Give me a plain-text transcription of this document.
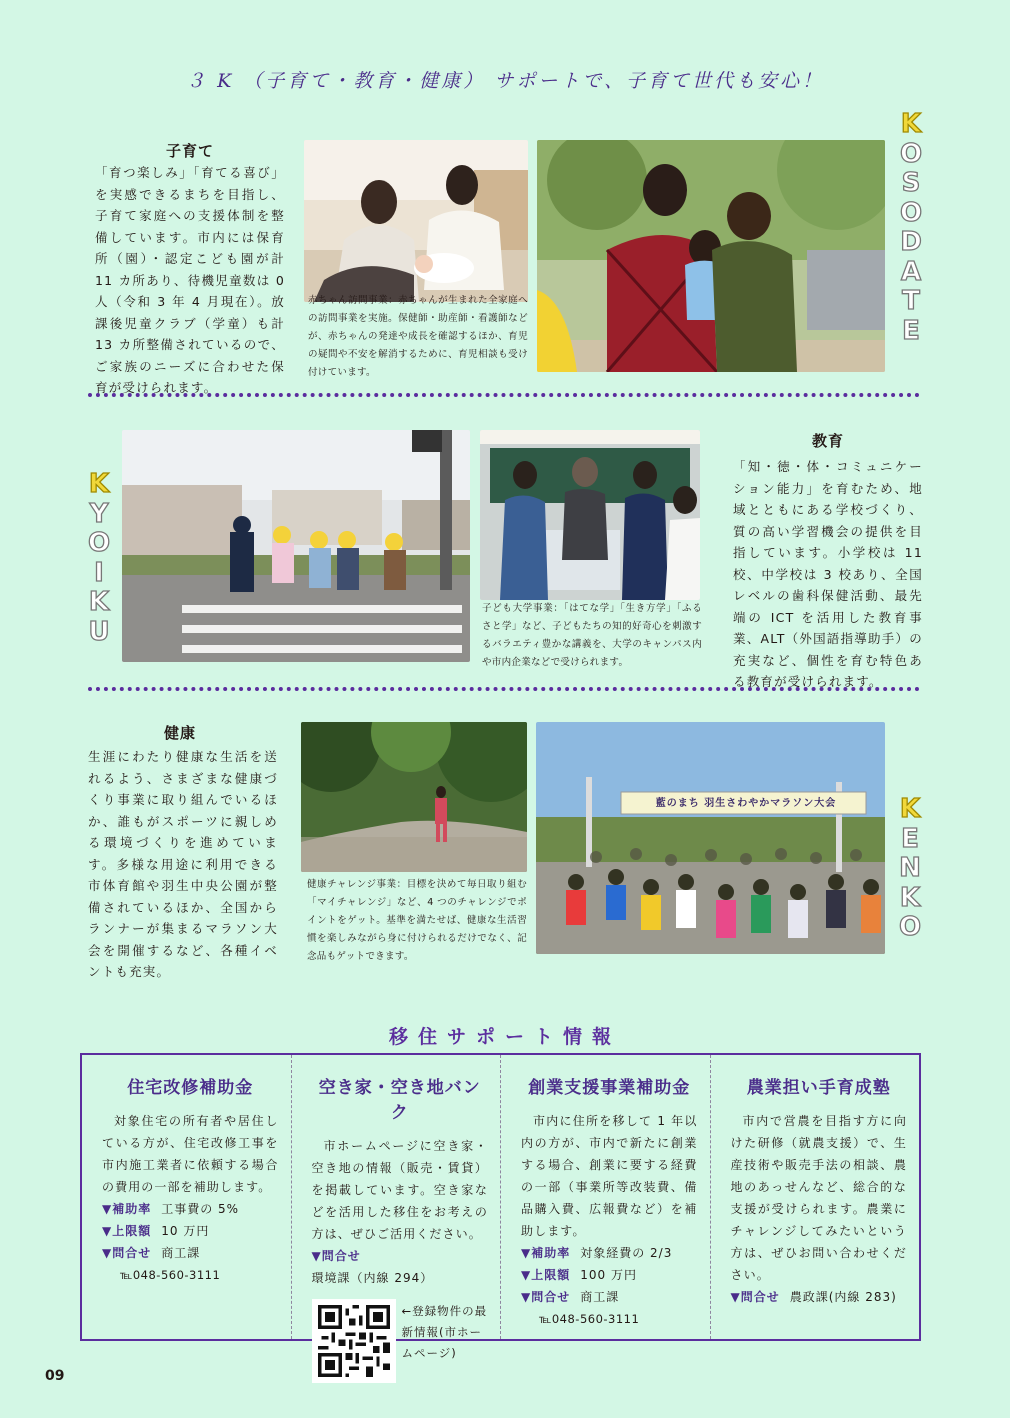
３ K （子育て・教育・健康） サポートで、子育て世代も安心！
子育て
「育つ楽しみ」「育てる喜び」を実感できるまちを目指し、子育て家庭への支援体制を整備しています。市内には保育所（園）・認定こども園が計 11 カ所あり、待機児童数は 0 人（令和 3 年 4 月現在）。放課後児童クラブ（学童）も計 13 カ所整備されているので、ご家族のニーズに合わせた保育が受けられます。
赤ちゃん訪問事業：赤ちゃんが生まれた全家庭への訪問事業を実施。保健師・助産師・看護師などが、赤ちゃんの発達や成長を確認するほか、育児の疑問や不安を解消するために、育児相談も受け付けています。
K
O
S
O
D
A
T
E
K
Y
O
I
K
U
子ども大学事業：「はてな学」「生き方学」「ふるさと学」など、子どもたちの知的好奇心を刺激するバラエティ豊かな講義を、大学のキャンパス内や市内企業などで受けられます。
教育
「知・徳・体・コミュニケーション能力」を育むため、地域とともにある学校づくり、質の高い学習機会の提供を目指しています。小学校は 11 校、中学校は 3 校あり、全国レベルの歯科保健活動、最先端の ICT を活用した教育事業、ALT（外国語指導助手）の充実など、個性を育む特色ある教育が受けられます。
健康
生涯にわたり健康な生活を送れるよう、さまざまな健康づくり事業に取り組んでいるほか、誰もがスポーツに親しめる環境づくりを進めています。多様な用途に利用できる市体育館や羽生中央公園が整備されているほか、全国からランナーが集まるマラソン大会を開催するなど、各種イベントも充実。
健康チャレンジ事業：目標を決めて毎日取り組む「マイチャレンジ」など、4 つのチャレンジでポイントをゲット。基準を満たせば、健康な生活習慣を楽しみながら身に付けられるだけでなく、記念品もゲットできます。
藍のまち 羽生さわやかマラソン大会	K
E
N
K
O
移住サポート情報
住宅改修補助金

対象住宅の所有者や居住している方が、住宅改修工事を市内施工業者に依頼する場合の費用の一部を補助します。

▼補助率 工事費の 5%
▼上限額 10 万円
▼問合せ 商工課
℡048-560-3111
空き家・空き地バンク

市ホームページに空き家・空き地の情報（販売・賃貸）を掲載しています。空き家などを活用した移住をお考えの方は、ぜひご活用ください。

▼問合せ環境課（内線 294）
←登録物件の最新情報(市ホームページ)
創業支援事業補助金

市内に住所を移して 1 年以内の方が、市内で新たに創業する場合、創業に要する経費の一部（事業所等改装費、備品購入費、広報費など）を補助します。

▼補助率 対象経費の 2/3
▼上限額 100 万円
▼問合せ 商工課
℡048-560-3111
農業担い手育成塾

市内で営農を目指す方に向けた研修（就農支援）で、生産技術や販売手法の相談、農地のあっせんなど、総合的な支援が受けられます。農業にチャレンジしてみたいという方は、ぜひお問い合わせください。

▼問合せ 農政課(内線 283)
09
